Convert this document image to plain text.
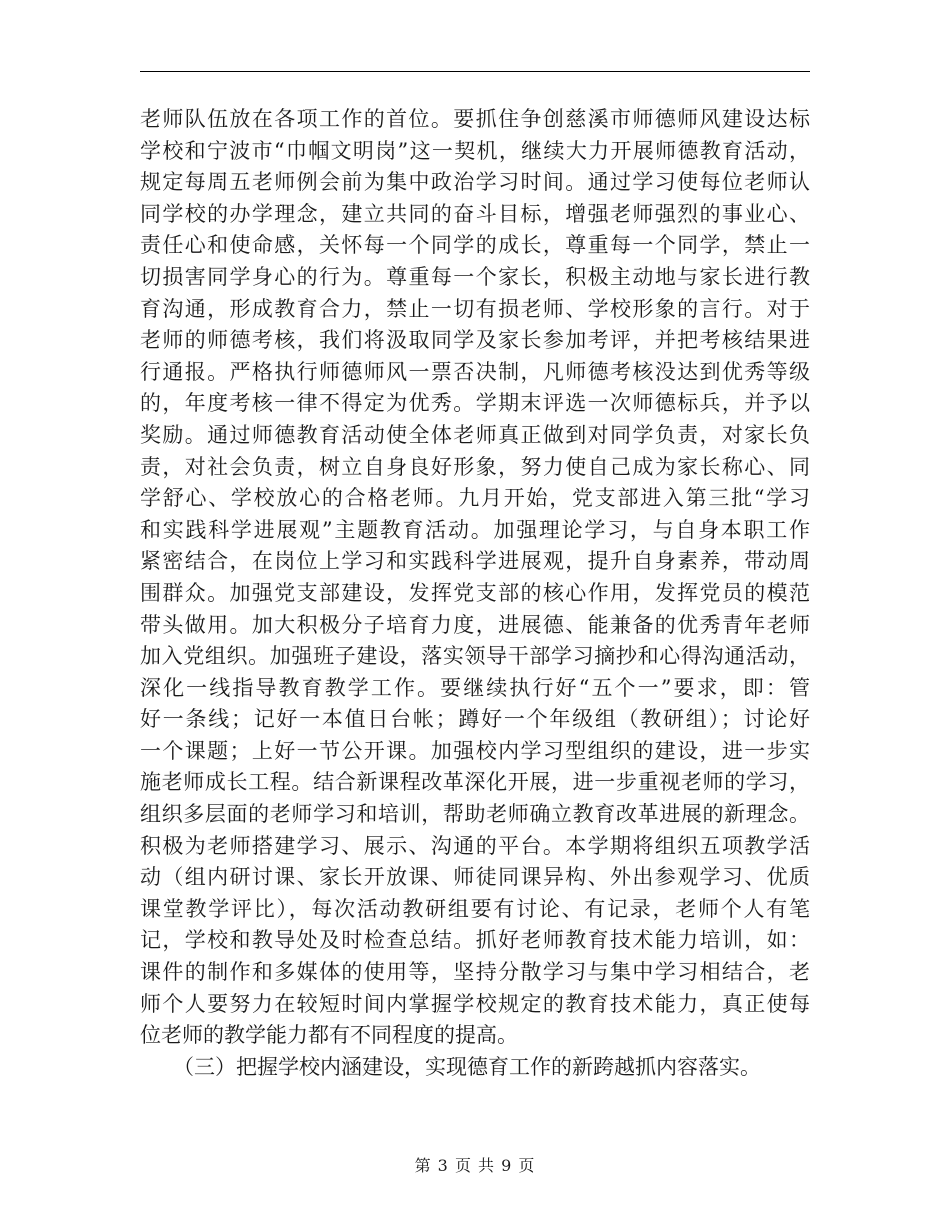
老师队伍放在各项工作的首位。要抓住争创慈溪市师德师风建设达标
学校和宁波市“巾帼文明岗”这一契机，继续大力开展师德教育活动，
规定每周五老师例会前为集中政治学习时间。通过学习使每位老师认
同学校的办学理念，建立共同的奋斗目标，增强老师强烈的事业心、
责任心和使命感，关怀每一个同学的成长，尊重每一个同学，禁止一
切损害同学身心的行为。尊重每一个家长，积极主动地与家长进行教
育沟通，形成教育合力，禁止一切有损老师、学校形象的言行。对于
老师的师德考核，我们将汲取同学及家长参加考评，并把考核结果进
行通报。严格执行师德师风一票否决制，凡师德考核没达到优秀等级
的，年度考核一律不得定为优秀。学期末评选一次师德标兵，并予以
奖励。通过师德教育活动使全体老师真正做到对同学负责，对家长负
责，对社会负责，树立自身良好形象，努力使自己成为家长称心、同
学舒心、学校放心的合格老师。九月开始，党支部进入第三批“学习
和实践科学进展观”主题教育活动。加强理论学习，与自身本职工作
紧密结合，在岗位上学习和实践科学进展观，提升自身素养，带动周
围群众。加强党支部建设，发挥党支部的核心作用，发挥党员的模范
带头做用。加大积极分子培育力度，进展德、能兼备的优秀青年老师
加入党组织。加强班子建设，落实领导干部学习摘抄和心得沟通活动，
深化一线指导教育教学工作。要继续执行好“五个一”要求，即：管
好一条线；记好一本值日台帐；蹲好一个年级组（教研组）；讨论好
一个课题；上好一节公开课。加强校内学习型组织的建设，进一步实
施老师成长工程。结合新课程改革深化开展，进一步重视老师的学习，
组织多层面的老师学习和培训，帮助老师确立教育改革进展的新理念。
积极为老师搭建学习、展示、沟通的平台。本学期将组织五项教学活
动（组内研讨课、家长开放课、师徒同课异构、外出参观学习、优质
课堂教学评比），每次活动教研组要有讨论、有记录，老师个人有笔
记，学校和教导处及时检查总结。抓好老师教育技术能力培训，如：
课件的制作和多媒体的使用等，坚持分散学习与集中学习相结合，老
师个人要努力在较短时间内掌握学校规定的教育技术能力，真正使每
位老师的教学能力都有不同程度的提高。
（三）把握学校内涵建设，实现德育工作的新跨越抓内容落实。
第 3 页 共 9 页
